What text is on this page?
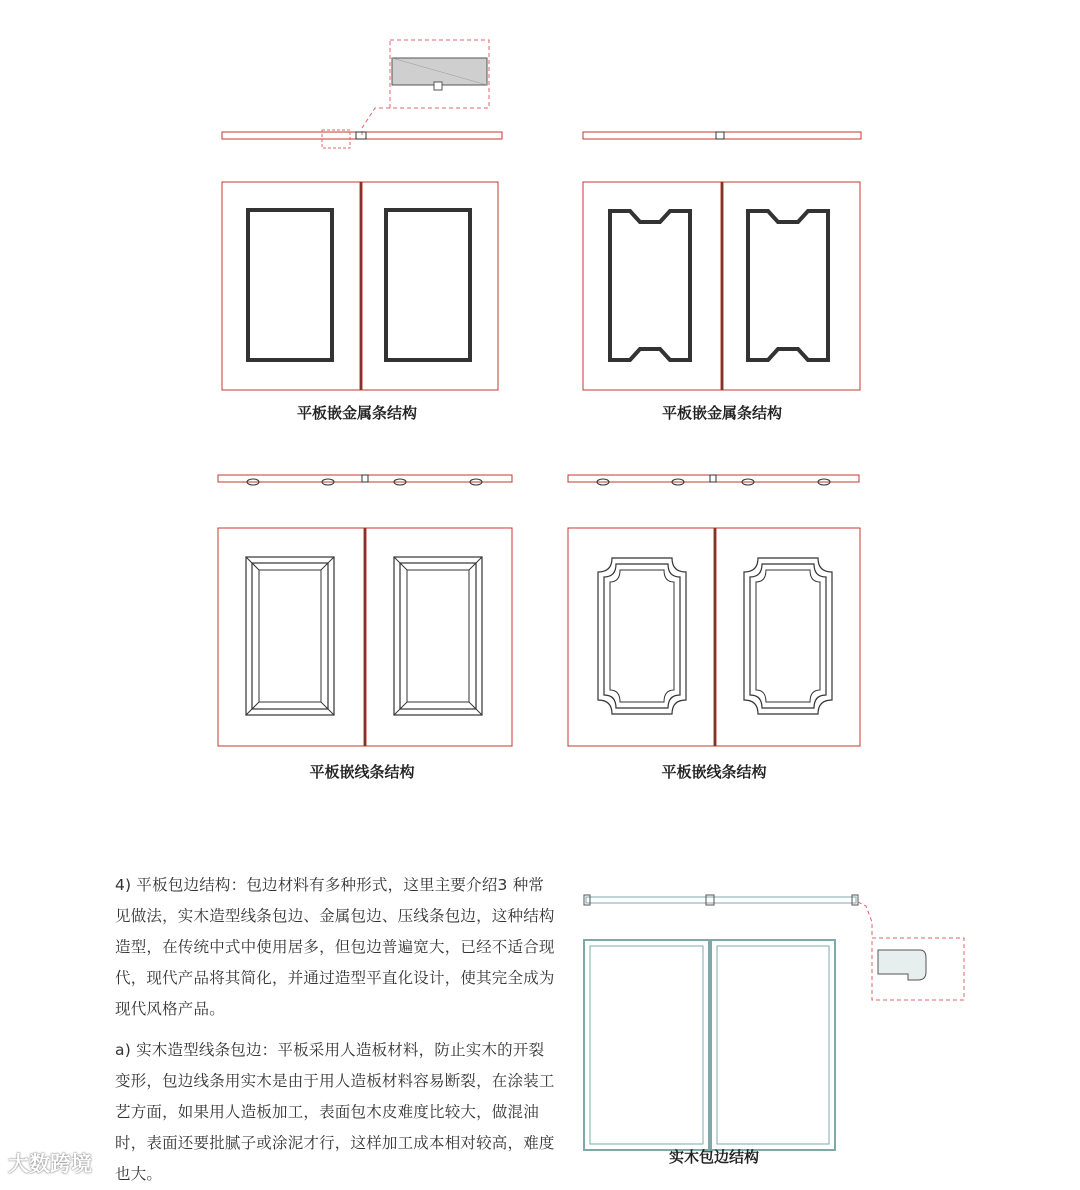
平板嵌金属条结构	平板嵌金属条结构
平板嵌线条结构	平板嵌线条结构
实木包边结构

4) 平板包边结构：包边材料有多种形式，这里主要介绍3 种常见做法，实木造型线条包边、金属包边、压线条包边，这种结构造型，在传统中式中使用居多，但包边普遍宽大，已经不适合现代，现代产品将其简化，并通过造型平直化设计，使其完全成为现代风格产品。

a) 实木造型线条包边：平板采用人造板材料，防止实木的开裂变形，包边线条用实木是由于用人造板材料容易断裂，在涂装工艺方面，如果用人造板加工，表面包木皮难度比较大，做混油时，表面还要批腻子或涂泥才行，这样加工成本相对较高，难度也大。

大数跨境
